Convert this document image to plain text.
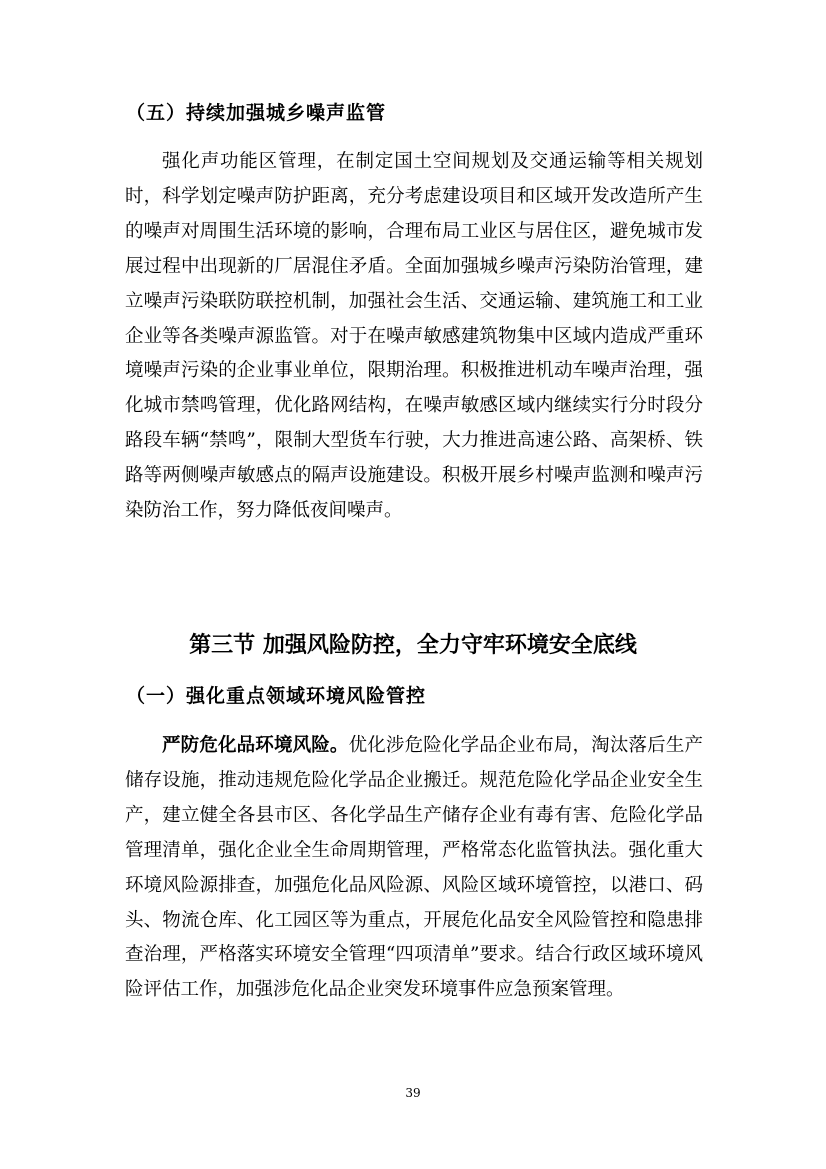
（五）持续加强城乡噪声监管

强化声功能区管理，在制定国土空间规划及交通运输等相关规划时，科学划定噪声防护距离，充分考虑建设项目和区域开发改造所产生的噪声对周围生活环境的影响，合理布局工业区与居住区，避免城市发展过程中出现新的厂居混住矛盾。全面加强城乡噪声污染防治管理，建立噪声污染联防联控机制，加强社会生活、交通运输、建筑施工和工业企业等各类噪声源监管。对于在噪声敏感建筑物集中区域内造成严重环境噪声污染的企业事业单位，限期治理。积极推进机动车噪声治理，强化城市禁鸣管理，优化路网结构，在噪声敏感区域内继续实行分时段分路段车辆“禁鸣”，限制大型货车行驶，大力推进高速公路、高架桥、铁路等两侧噪声敏感点的隔声设施建设。积极开展乡村噪声监测和噪声污染防治工作，努力降低夜间噪声。

第三节 加强风险防控，全力守牢环境安全底线
（一）强化重点领域环境风险管控

严防危化品环境风险。优化涉危险化学品企业布局，淘汰落后生产储存设施，推动违规危险化学品企业搬迁。规范危险化学品企业安全生产，建立健全各县市区、各化学品生产储存企业有毒有害、危险化学品管理清单，强化企业全生命周期管理，严格常态化监管执法。强化重大环境风险源排查，加强危化品风险源、风险区域环境管控，以港口、码头、物流仓库、化工园区等为重点，开展危化品安全风险管控和隐患排查治理，严格落实环境安全管理“四项清单”要求。结合行政区域环境风险评估工作，加强涉危化品企业突发环境事件应急预案管理。

39
